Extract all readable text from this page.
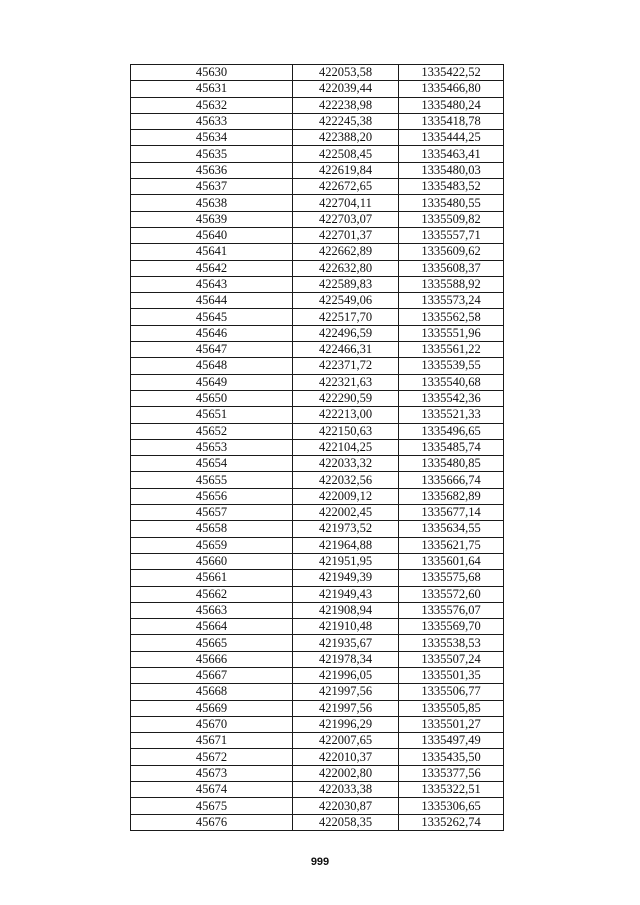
45630	422053,58	1335422,52
45631	422039,44	1335466,80
45632	422238,98	1335480,24
45633	422245,38	1335418,78
45634	422388,20	1335444,25
45635	422508,45	1335463,41
45636	422619,84	1335480,03
45637	422672,65	1335483,52
45638	422704,11	1335480,55
45639	422703,07	1335509,82
45640	422701,37	1335557,71
45641	422662,89	1335609,62
45642	422632,80	1335608,37
45643	422589,83	1335588,92
45644	422549,06	1335573,24
45645	422517,70	1335562,58
45646	422496,59	1335551,96
45647	422466,31	1335561,22
45648	422371,72	1335539,55
45649	422321,63	1335540,68
45650	422290,59	1335542,36
45651	422213,00	1335521,33
45652	422150,63	1335496,65
45653	422104,25	1335485,74
45654	422033,32	1335480,85
45655	422032,56	1335666,74
45656	422009,12	1335682,89
45657	422002,45	1335677,14
45658	421973,52	1335634,55
45659	421964,88	1335621,75
45660	421951,95	1335601,64
45661	421949,39	1335575,68
45662	421949,43	1335572,60
45663	421908,94	1335576,07
45664	421910,48	1335569,70
45665	421935,67	1335538,53
45666	421978,34	1335507,24
45667	421996,05	1335501,35
45668	421997,56	1335506,77
45669	421997,56	1335505,85
45670	421996,29	1335501,27
45671	422007,65	1335497,49
45672	422010,37	1335435,50
45673	422002,80	1335377,56
45674	422033,38	1335322,51
45675	422030,87	1335306,65
45676	422058,35	1335262,74
999
